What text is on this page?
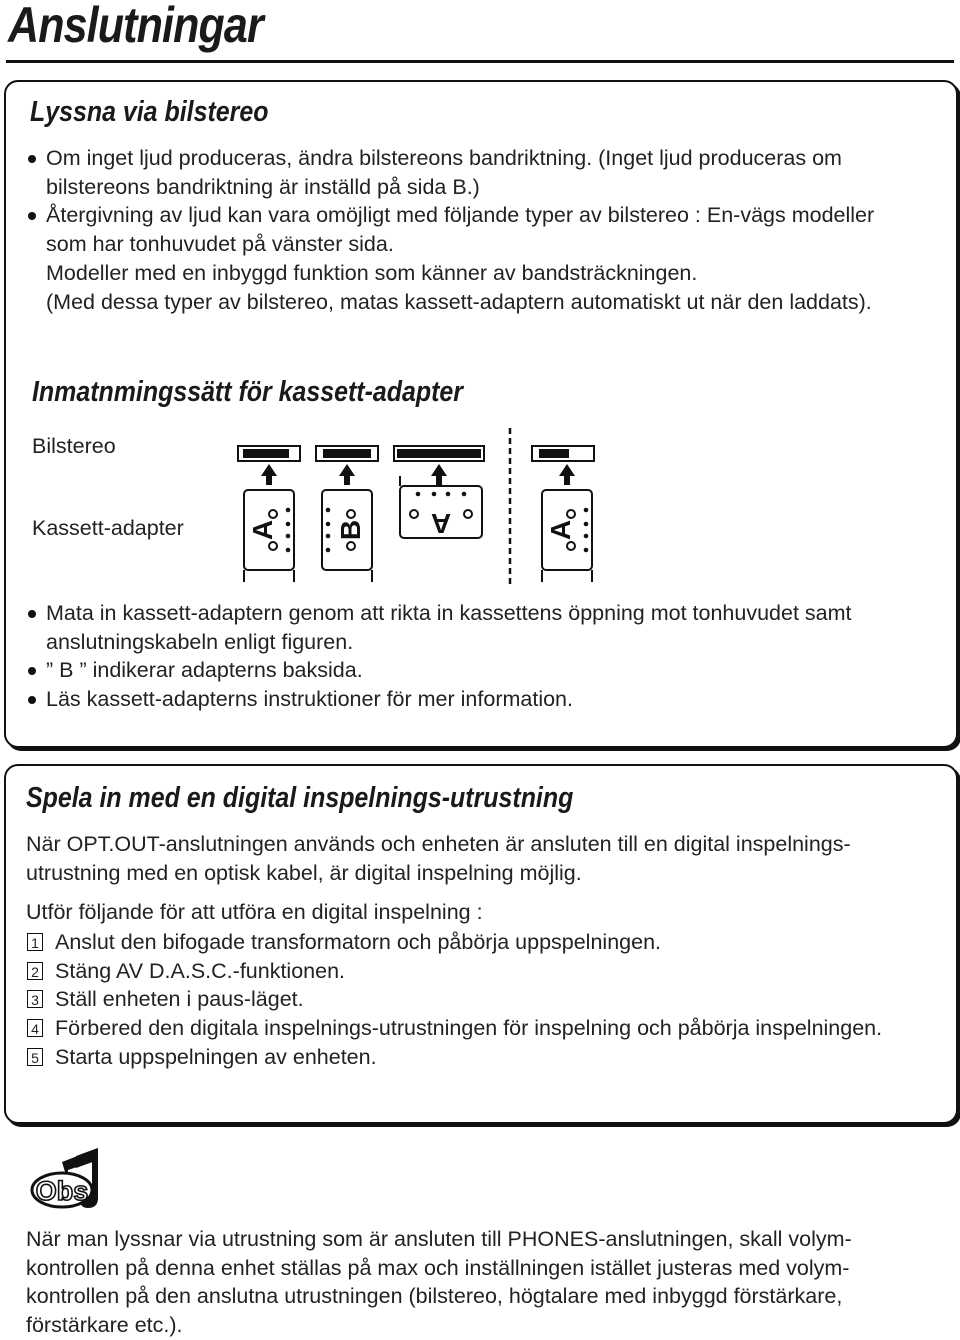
Anslutningar
Lyssna via bilstereo
Om inget ljud produceras, ändra bilstereons bandriktning. (Inget ljud produceras om bilstereons bandriktning är inställd på sida B.)
Återgivning av ljud kan vara omöjligt med följande typer av bilstereo : En-vägs modeller som har tonhuvudet på vänster sida.
Modeller med en inbyggd funktion som känner av bandsträckningen.
(Med dessa typer av bilstereo, matas kassett-adaptern automatiskt ut när den laddats).
Inmatnmingssätt för kassett-adapter
Bilstereo
Kassett-adapter A B A	A
Mata in kassett-adaptern genom att rikta in kassettens öppning mot tonhuvudet samt anslutningskabeln enligt figuren.
” B ” indikerar adapterns baksida.
Läs kassett-adapterns instruktioner för mer information.
Spela in med en digital inspelnings-utrustning

När OPT.OUT-anslutningen används och enheten är ansluten till en digital inspelnings-utrustning med en optisk kabel, är digital inspelning möjlig.

Utför följande för att utföra en digital inspelning :

1 Anslut den bifogade transformatorn och påbörja uppspelningen.
2 Stäng AV D.A.S.C.-funktionen.
3 Ställ enheten i paus-läget.
4 Förbered den digitala inspelnings-utrustningen för inspelning och påbörja inspelningen.
5 Starta uppspelningen av enheten.
Obs

När man lyssnar via utrustning som är ansluten till PHONES-anslutningen, skall volym-kontrollen på denna enhet ställas på max och inställningen istället justeras med volym-kontrollen på den anslutna utrustningen (bilstereo, högtalare med inbyggd förstärkare, förstärkare etc.).
